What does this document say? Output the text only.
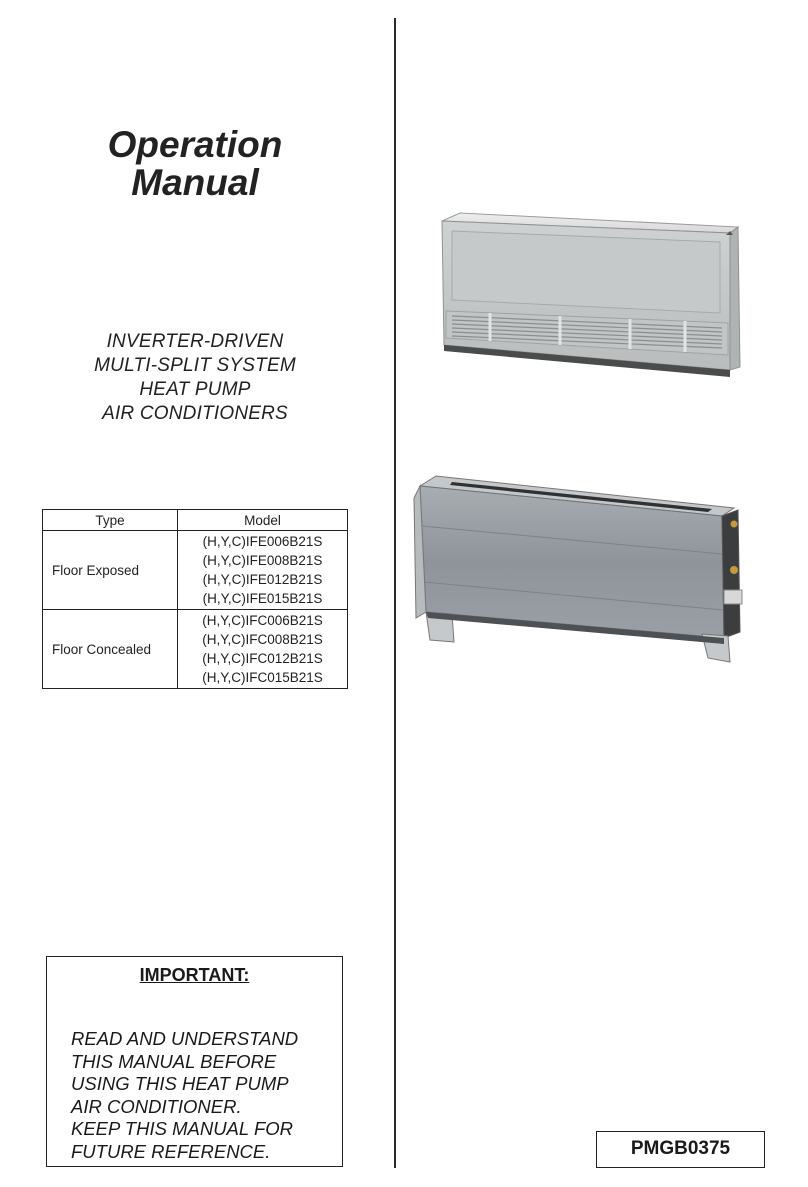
Operation
Manual
INVERTER-DRIVEN
MULTI-SPLIT SYSTEM
HEAT PUMP
AIR CONDITIONERS
Type	Model
Floor Exposed	(H,Y,C)IFE006B21S
(H,Y,C)IFE008B21S
(H,Y,C)IFE012B21S
(H,Y,C)IFE015B21S

Floor Concealed	(H,Y,C)IFC006B21S
(H,Y,C)IFC008B21S
(H,Y,C)IFC012B21S
(H,Y,C)IFC015B21S
IMPORTANT:
READ AND UNDERSTAND
THIS MANUAL BEFORE
USING THIS HEAT PUMP
AIR CONDITIONER.
KEEP THIS MANUAL FOR
FUTURE REFERENCE.	PMGB0375
